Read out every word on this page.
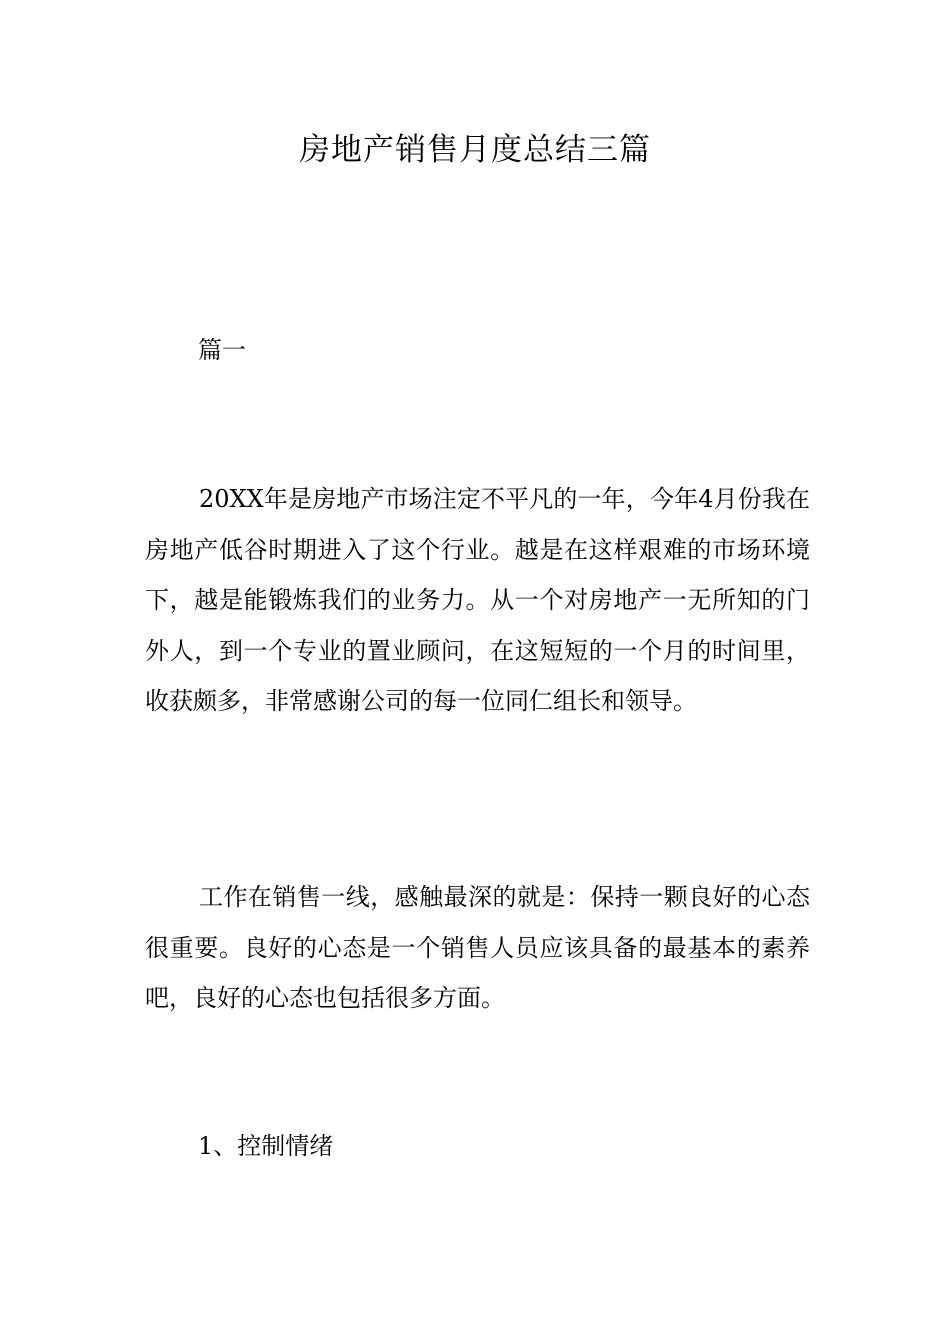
房地产销售月度总结三篇

篇一

20XX年是房地产市场注定不平凡的一年，今年4月份我在房地产低谷时期进入了这个行业。越是在这样艰难的市场环境下，越是能锻炼我们的业务力。从一个对房地产一无所知的门外人，到一个专业的置业顾问，在这短短的一个月的时间里，收获颇多，非常感谢公司的每一位同仁组长和领导。

工作在销售一线，感触最深的就是：保持一颗良好的心态很重要。良好的心态是一个销售人员应该具备的最基本的素养吧，良好的心态也包括很多方面。

1、控制情绪
